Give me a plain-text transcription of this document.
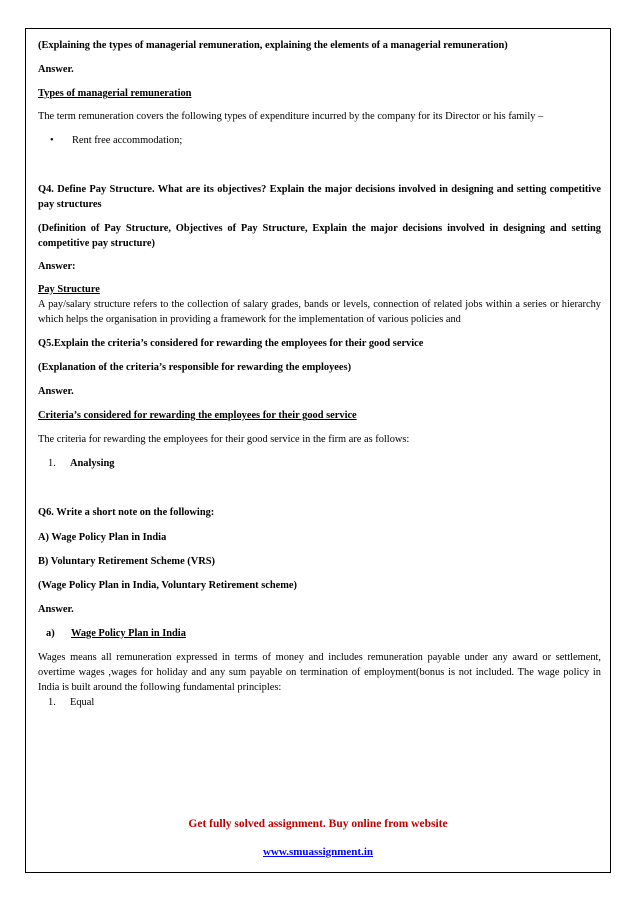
(Explaining the types of managerial remuneration, explaining the elements of a managerial remuneration)

Answer.

Types of managerial remuneration

The term remuneration covers the following types of expenditure incurred by the company for its Director or his family –

•	Rent free accommodation;

Q4. Define Pay Structure. What are its objectives? Explain the major decisions involved in designing and setting competitive pay structures

(Definition of Pay Structure, Objectives of Pay Structure, Explain the major decisions involved in designing and setting competitive pay structure)

Answer:

Pay Structure

A pay/salary structure refers to the collection of salary grades, bands or levels, connection of related jobs within a series or hierarchy which helps the organisation in providing a framework for the implementation of various policies and

Q5.Explain the criteria’s considered for rewarding the employees for their good service

(Explanation of the criteria’s responsible for rewarding the employees)

Answer.

Criteria’s considered for rewarding the employees for their good service

The criteria for rewarding the employees for their good service in the firm are as follows:

1.	Analysing

Q6. Write a short note on the following:

A) Wage Policy Plan in India

B) Voluntary Retirement Scheme (VRS)

(Wage Policy Plan in India, Voluntary Retirement scheme)

Answer.

a)	Wage Policy Plan in India

Wages means all remuneration expressed in terms of money and includes remuneration payable under any award or settlement, overtime wages ,wages for holiday and any sum payable on termination of employment(bonus is not included. The wage policy in India is built around the following fundamental principles:

1.	Equal
Get fully solved assignment. Buy online from website
www.smuassignment.in
